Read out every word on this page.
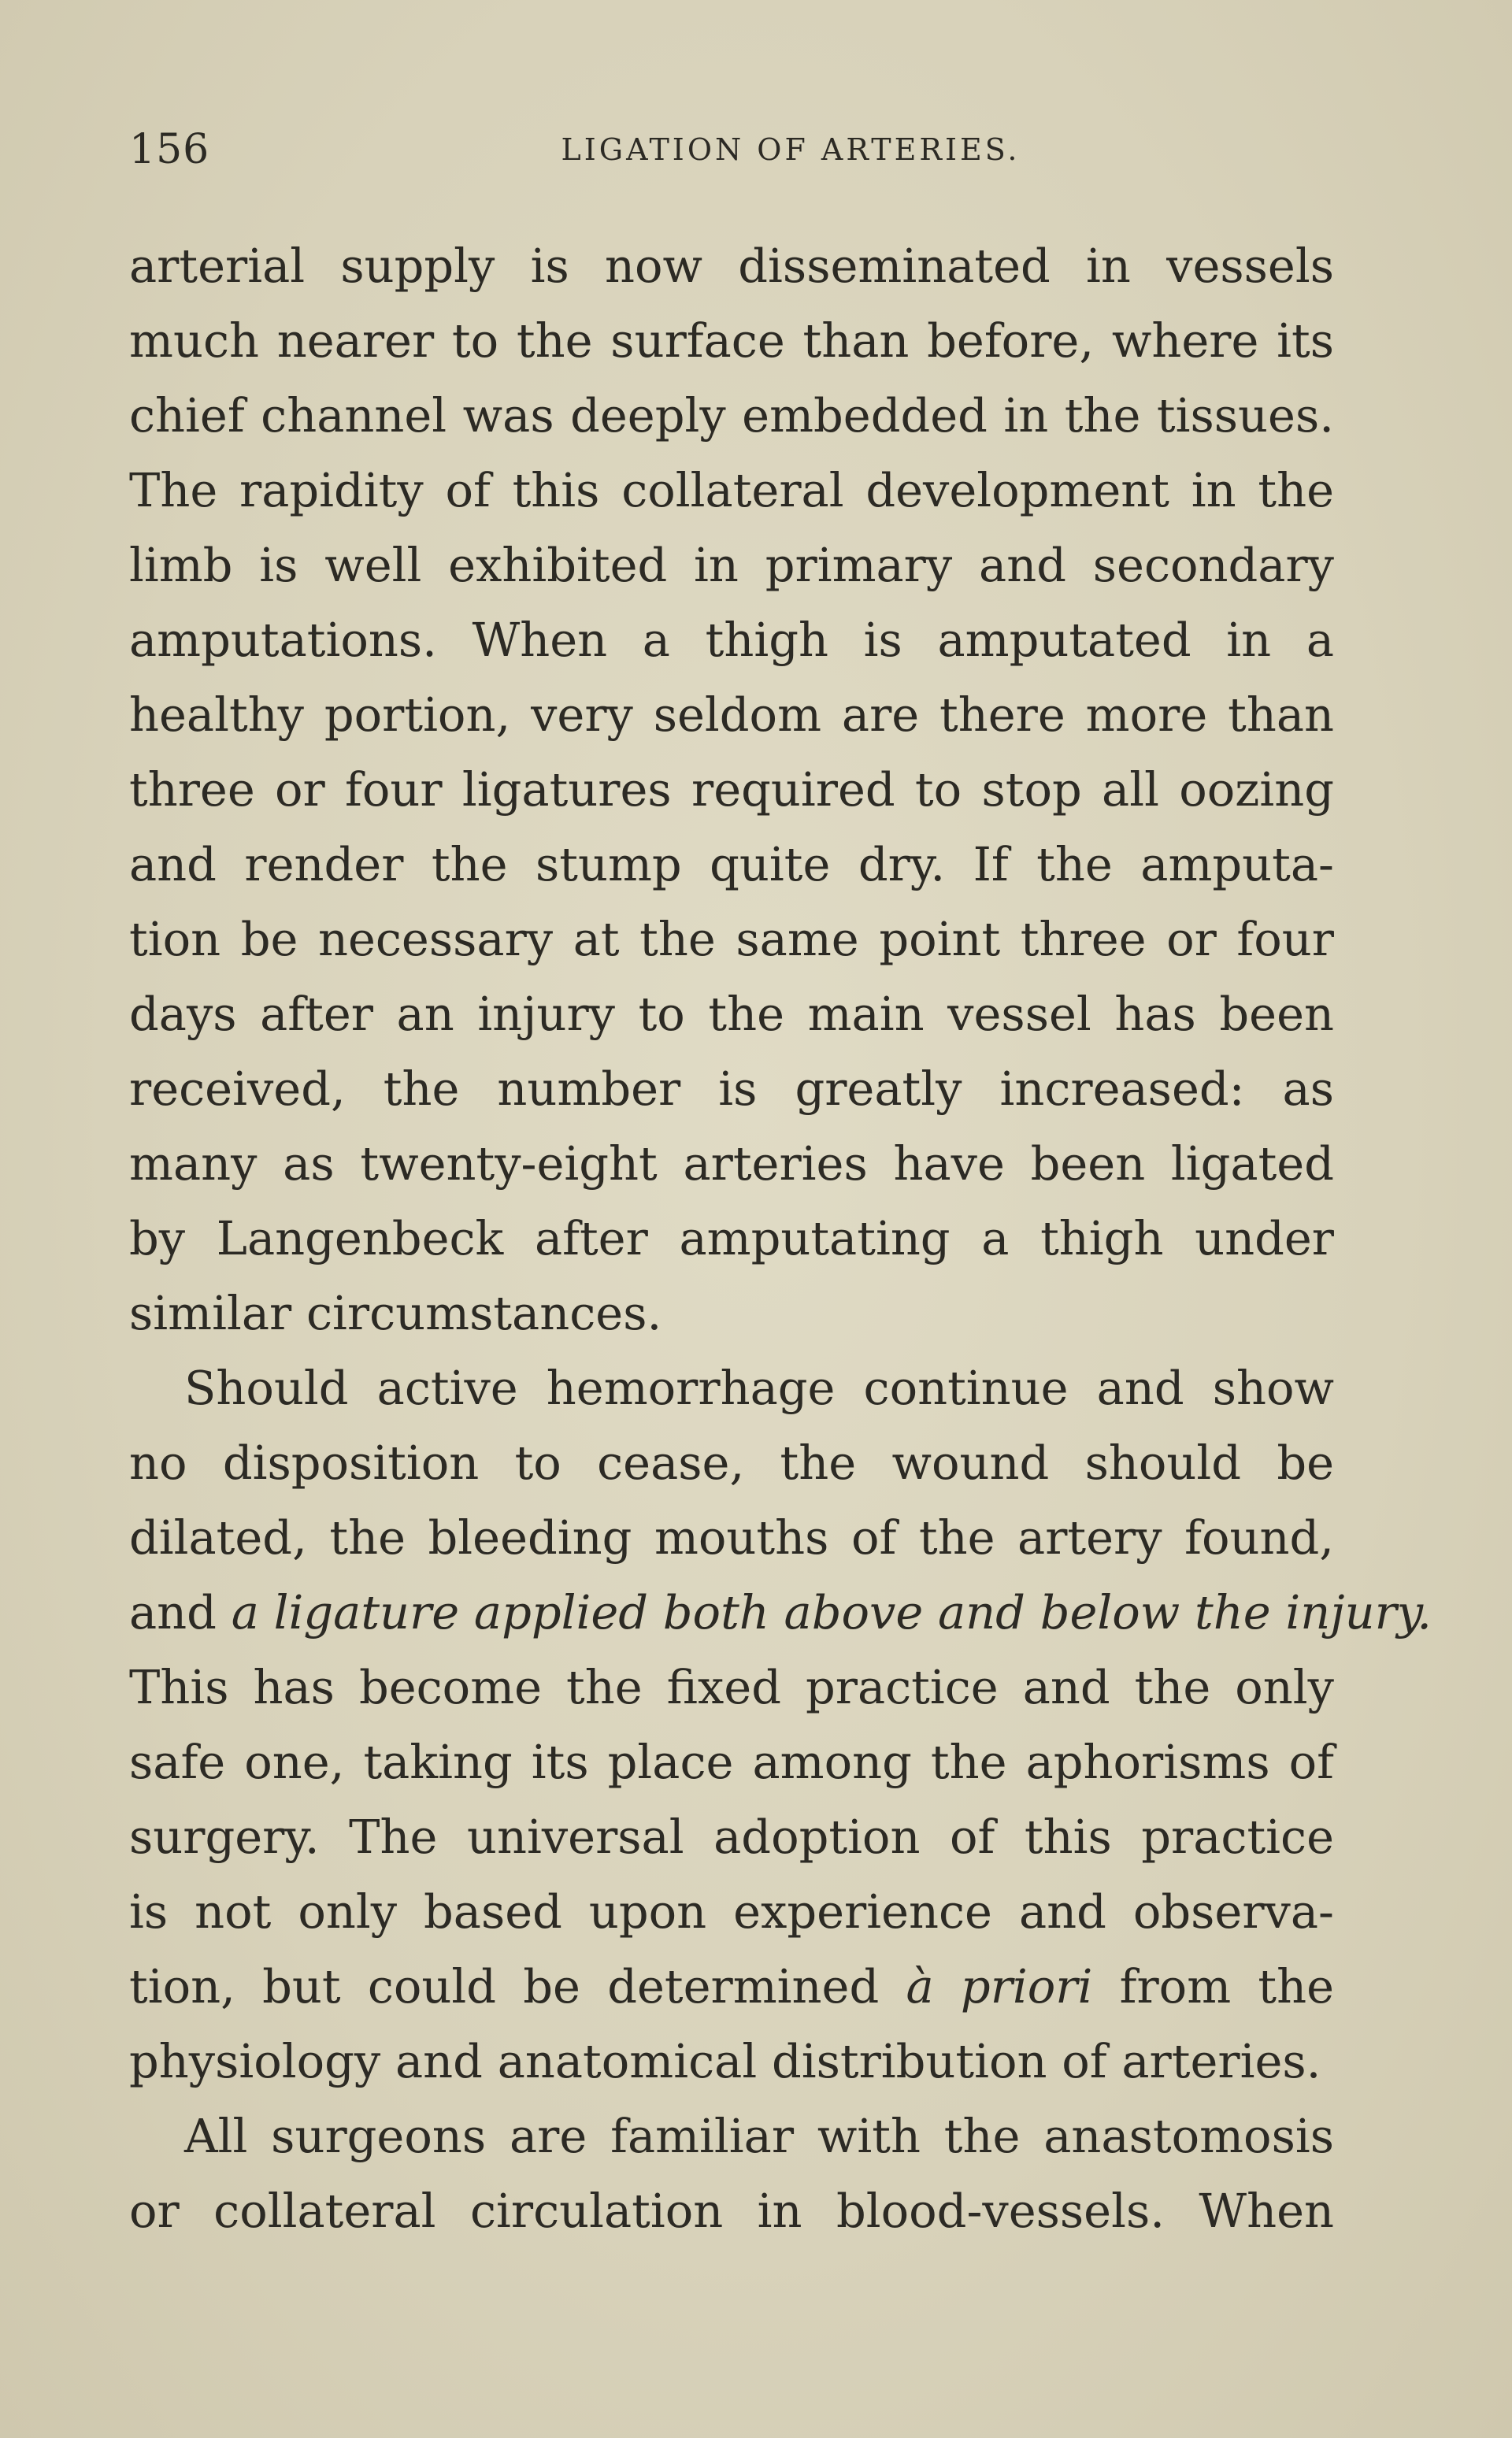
156	LIGATION OF ARTERIES.
arterial supply is now disseminated in vessels
much nearer to the surface than before, where its
chief channel was deeply embedded in the tissues.
The rapidity of this collateral development in the
limb is well exhibited in primary and secondary
amputations. When a thigh is amputated in a
healthy portion, very seldom are there more than
three or four ligatures required to stop all oozing
and render the stump quite dry. If the amputa-
tion be necessary at the same point three or four
days after an injury to the main vessel has been
received, the number is greatly increased: as
many as twenty-eight arteries have been ligated
by Langenbeck after amputating a thigh under
similar circumstances.
Should active hemorrhage continue and show
no disposition to cease, the wound should be
dilated, the bleeding mouths of the artery found,
and a ligature applied both above and below the injury.
This has become the fixed practice and the only
safe one, taking its place among the aphorisms of
surgery. The universal adoption of this practice
is not only based upon experience and observa-
tion, but could be determined à priori from the
physiology and anatomical distribution of arteries.
All surgeons are familiar with the anastomosis
or collateral circulation in blood-vessels. When
